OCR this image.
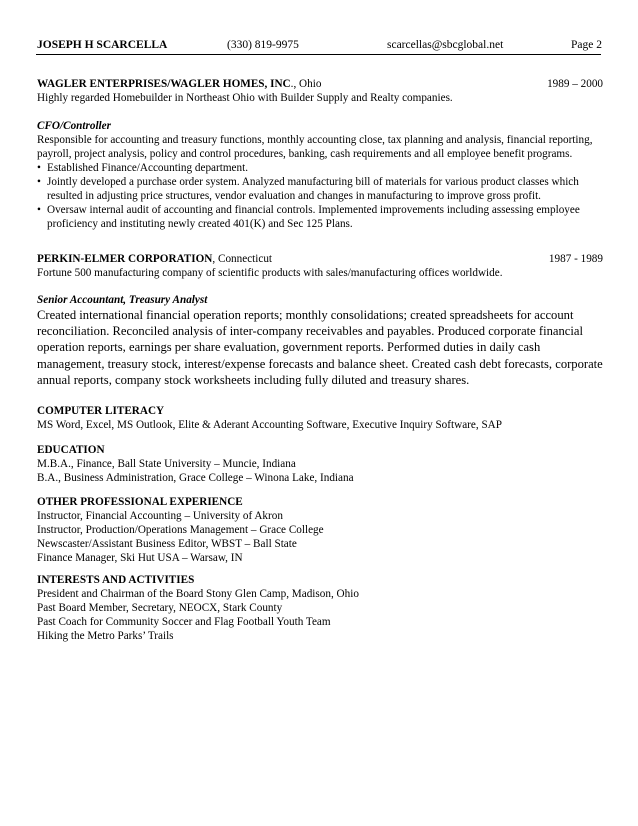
JOSEPH H SCARCELLA	(330) 819-9975	scarcellas@sbcglobal.net	Page 2
WAGLER ENTERPRISES/WAGLER HOMES, INC., Ohio	1989 – 2000
Highly regarded Homebuilder in Northeast Ohio with Builder Supply and Realty companies.
CFO/Controller
Responsible for accounting and treasury functions, monthly accounting close, tax planning and analysis, financial reporting, payroll, project analysis, policy and control procedures, banking, cash requirements and all employee benefit programs.
• Established Finance/Accounting department.
• Jointly developed a purchase order system. Analyzed manufacturing bill of materials for various product classes which resulted in adjusting price structures, vendor evaluation and changes in manufacturing to improve gross profit.
• Oversaw internal audit of accounting and financial controls. Implemented improvements including assessing employee proficiency and instituting newly created 401(K) and Sec 125 Plans.
PERKIN-ELMER CORPORATION, Connecticut	1987 - 1989
Fortune 500 manufacturing company of scientific products with sales/manufacturing offices worldwide.
Senior Accountant, Treasury Analyst

Created international financial operation reports; monthly consolidations; created spreadsheets for account reconciliation. Reconciled analysis of inter-company receivables and payables. Produced corporate financial operation reports, earnings per share evaluation, government reports. Performed duties in daily cash management, treasury stock, interest/expense forecasts and balance sheet. Created cash debt forecasts, corporate annual reports, company stock worksheets including fully diluted and treasury shares.

COMPUTER LITERACY
MS Word, Excel, MS Outlook, Elite & Aderant Accounting Software, Executive Inquiry Software, SAP
EDUCATION
M.B.A., Finance, Ball State University – Muncie, Indiana
B.A., Business Administration, Grace College – Winona Lake, Indiana
OTHER PROFESSIONAL EXPERIENCE
Instructor, Financial Accounting – University of Akron
Instructor, Production/Operations Management – Grace College
Newscaster/Assistant Business Editor, WBST – Ball State
Finance Manager, Ski Hut USA – Warsaw, IN
INTERESTS AND ACTIVITIES
President and Chairman of the Board Stony Glen Camp, Madison, Ohio
Past Board Member, Secretary, NEOCX, Stark County
Past Coach for Community Soccer and Flag Football Youth Team
Hiking the Metro Parks’ Trails
